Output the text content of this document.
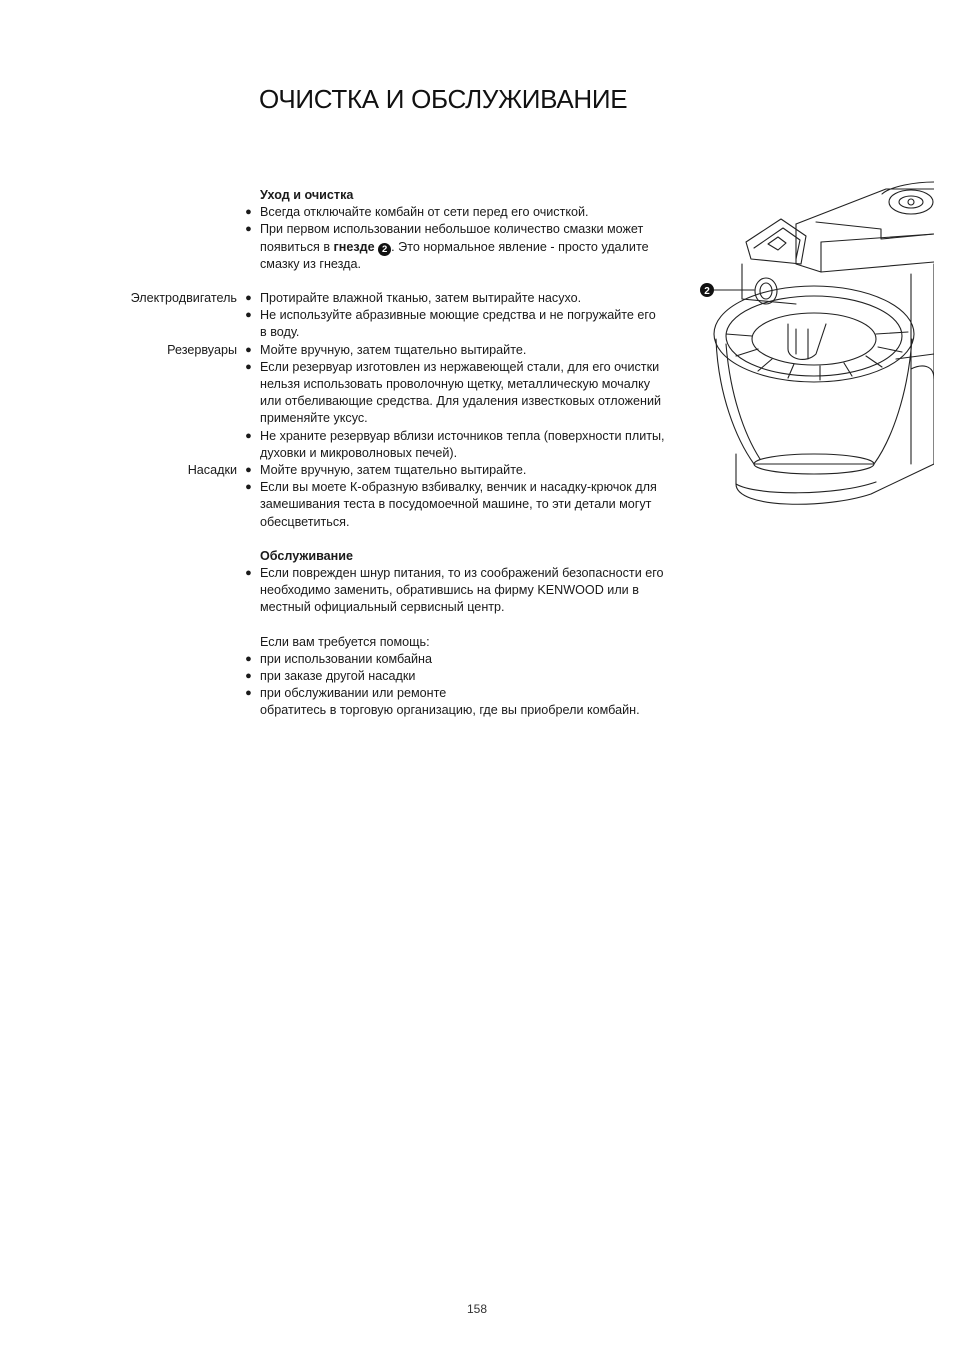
ОЧИСТКА И ОБСЛУЖИВАНИЕ
Уход и очистка
● Всегда отключайте комбайн от сети перед его очисткой.
● При первом использовании небольшое количество смазки может
появиться в гнезде 2 . Это нормальное явление - просто удалите
смазку из гнезда.
Электродвигатель ● Протирайте влажной тканью, затем вытирайте насухо.
● Не используйте абразивные моющие средства и не погружайте его
в воду.
Резервуары ● Мойте вручную, затем тщательно вытирайте.
● Если резервуар изготовлен из нержавеющей стали, для его очистки
нельзя использовать проволочную щетку, металлическую мочалку
или отбеливающие средства. Для удаления известковых отложений
применяйте уксус.
● Не храните резервуар вблизи источников тепла (поверхности плиты,
духовки и микроволновых печей).
Насадки ● Мойте вручную, затем тщательно вытирайте.
● Если вы моете К-образную взбивалку, венчик и насадку-крючок для
замешивания теста в посудомоечной машине, то эти детали могут
обесцветиться.
Обслуживание
● Если поврежден шнур питания, то из соображений безопасности его
необходимо заменить, обратившись на фирму KENWOOD или в
местный официальный сервисный центр.
Если вам требуется помощь:
● при использовании комбайна
● при заказе другой насадки
● при обслуживании или ремонте
обратитесь в торговую организацию, где вы приобрели комбайн.
2
158
